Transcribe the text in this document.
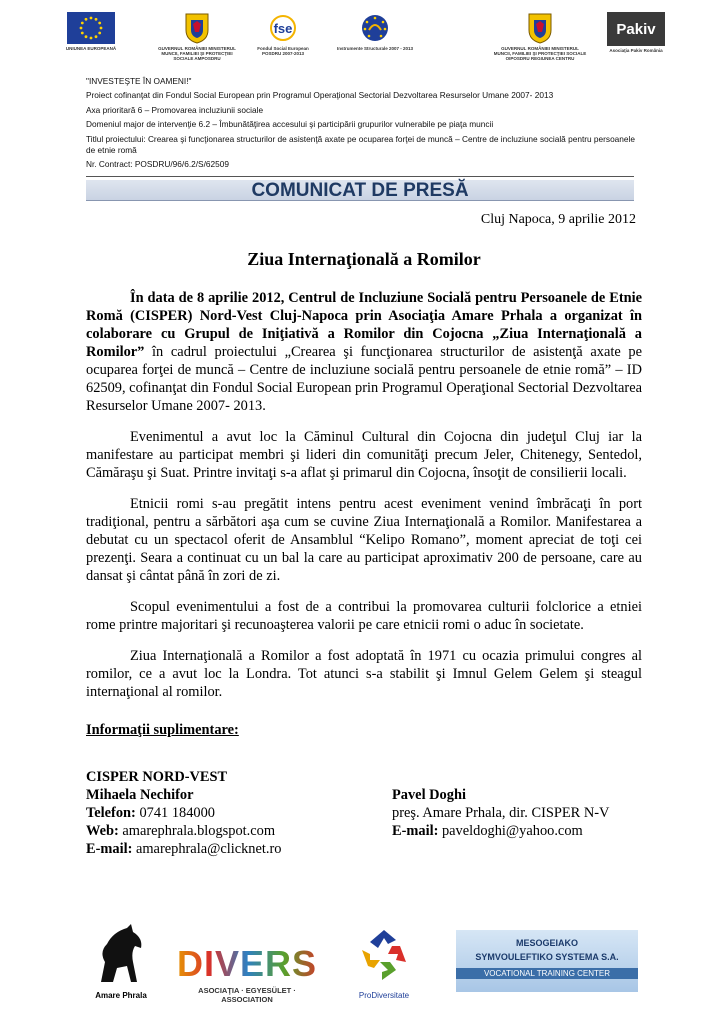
UNIUNEA EUROPEANĂ	GUVERNUL ROMÂNIEI MINISTERUL MUNCII, FAMILIEI ŞI PROTECŢIEI SOCIALE AMPOSDRU
fse
Fondul Social European POSDRU 2007-2013
Instrumente Structurale 2007 - 2013	GUVERNUL ROMÂNIEI MINISTERUL MUNCII, FAMILIEI ŞI PROTECŢIEI SOCIALE OIPOSDRU REGIUNEA CENTRU
Pakiv
Asociaţia Pakiv România

"INVESTEŞTE ÎN OAMENI!"

Proiect cofinanţat din Fondul Social European prin Programul Operaţional Sectorial Dezvoltarea Resurselor Umane 2007- 2013

Axa prioritară 6 – Promovarea incluziunii sociale

Domeniul major de intervenţie 6.2 – Îmbunătăţirea accesului şi participării grupurilor vulnerabile pe piaţa muncii

Titlul proiectului: Crearea şi funcţionarea structurilor de asistenţă axate pe ocuparea forţei de muncă – Centre de incluziune socială pentru persoanele de etnie romă

Nr. Contract: POSDRU/96/6.2/S/62509

COMUNICAT DE PRESĂ
Cluj Napoca, 9 aprilie 2012
Ziua Internaţională a Romilor

În data de 8 aprilie 2012, Centrul de Incluziune Socială pentru Persoanele de Etnie Romă (CISPER) Nord-Vest Cluj-Napoca prin Asociaţia Amare Prhala a organizat în colaborare cu Grupul de Iniţiativă a Romilor din Cojocna „Ziua Internaţională a Romilor” în cadrul proiectului „Crearea şi funcţionarea structurilor de asistenţă axate pe ocuparea forţei de muncă – Centre de incluziune socială pentru persoanele de etnie romă” – ID 62509, cofinanţat din Fondul Social European prin Programul Operaţional Sectorial Dezvoltarea Resurselor Umane 2007- 2013.

Evenimentul a avut loc la Căminul Cultural din Cojocna din judeţul Cluj iar la manifestare au participat membri şi lideri din comunităţi precum Jeler, Chitenegy, Sentedol, Cămăraşu şi Suat. Printre invitaţi s-a aflat şi primarul din Cojocna, însoţit de consilierii locali.

Etnicii romi s-au pregătit intens pentru acest eveniment venind îmbrăcaţi în port tradiţional, pentru a sărbători aşa cum se cuvine Ziua Internaţională a Romilor. Manifestarea a debutat cu un spectacol oferit de Ansamblul “Kelipo Romano”, moment apreciat de toţi cei prezenţi. Seara a continuat cu un bal la care au participat aproximativ 200 de persoane, care au dansat şi cântat până în zori de zi.

Scopul evenimentului a fost de a contribui la promovarea culturii folclorice a etniei rome printre majoritari şi recunoaşterea valorii pe care etnicii romi o aduc în societate.

Ziua Internaţională a Romilor a fost adoptată în 1971 cu ocazia primului congres al romilor, ce a avut loc la Londra. Tot atunci s-a stabilit şi Imnul Gelem Gelem şi steagul internaţional al romilor.

Informaţii suplimentare:
CISPER NORD-VEST
Mihaela Nechifor
Telefon: 0741 184000
Web: amarephrala.blogspot.com
E-mail: amarephrala@clicknet.ro
Pavel Doghi
preş. Amare Prhala, dir. CISPER N-V
E-mail: paveldoghi@yahoo.com
Amare Phrala
DIVERS
ASOCIAŢIA · EGYESÜLET · ASSOCIATION	ProDiversitate
MESOGEIAKO
SYMVOULEFTIKO SYSTEMA S.A.
VOCATIONAL TRAINING CENTER
